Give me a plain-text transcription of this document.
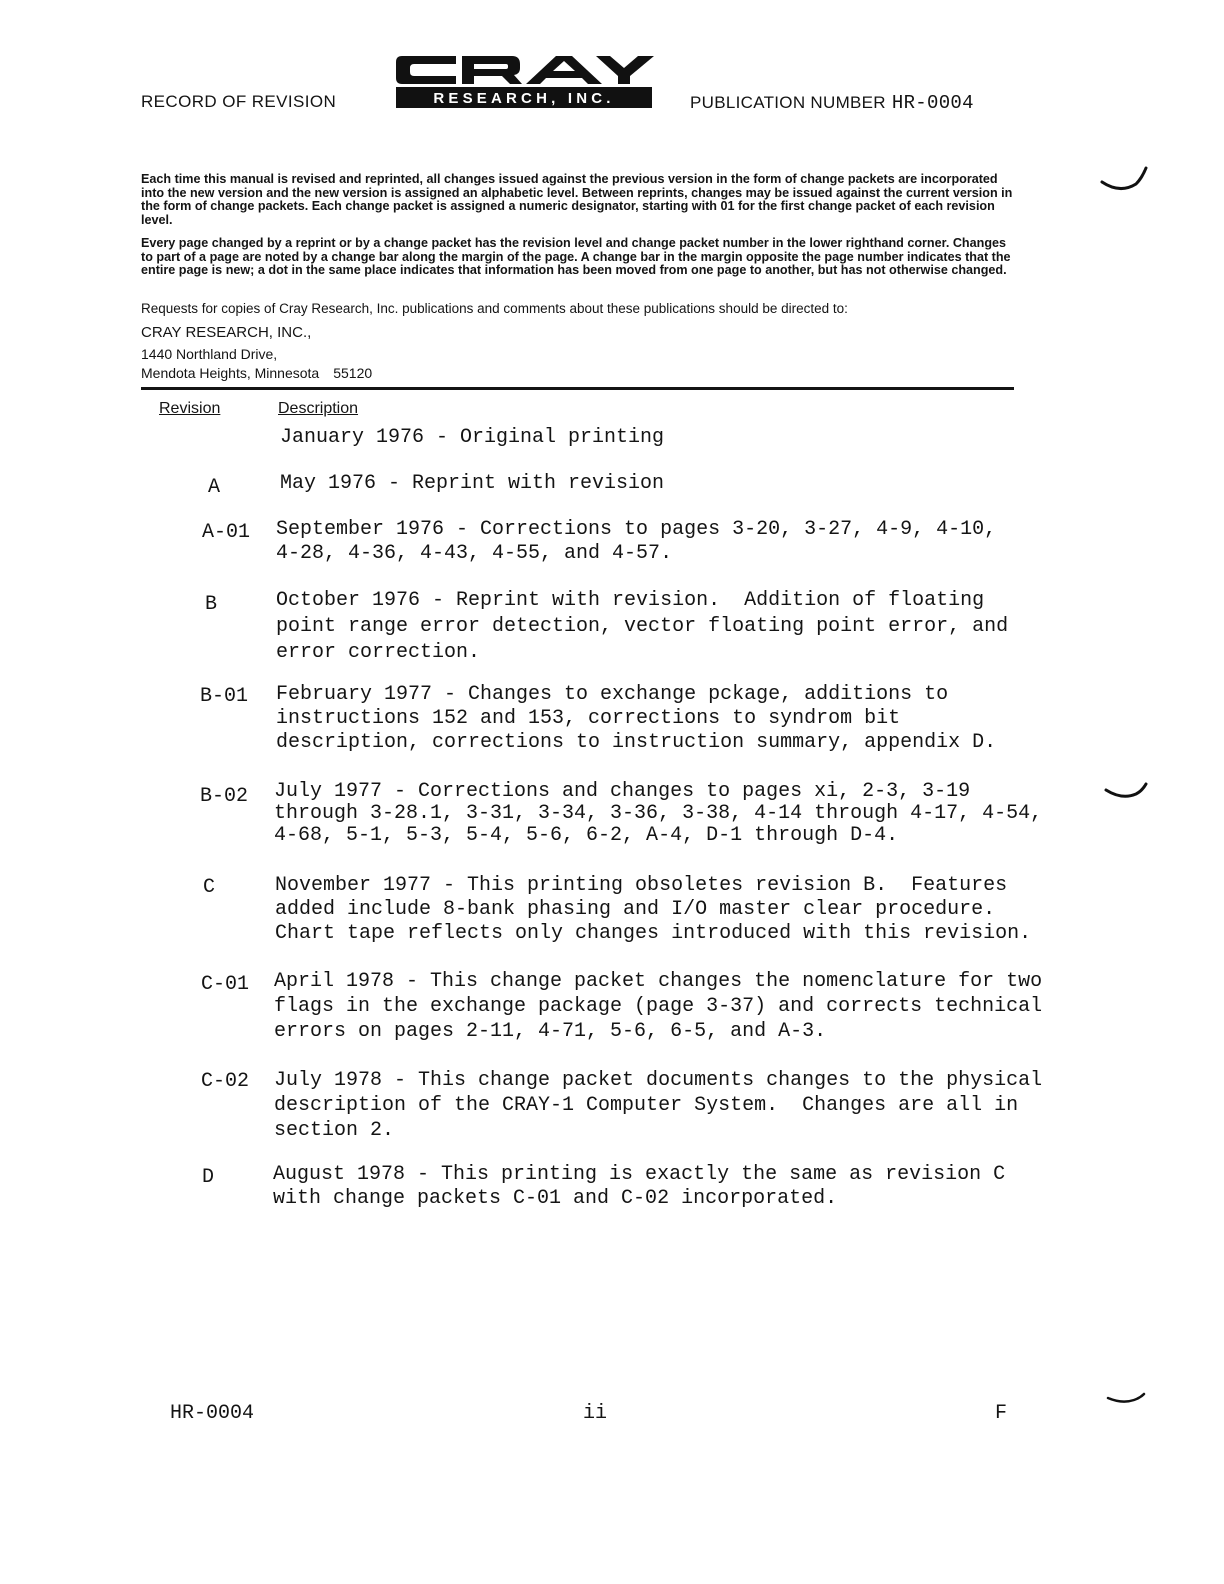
RECORD OF REVISION	RESEARCH, INC.	PUBLICATION NUMBER HR-0004
Each time this manual is revised and reprinted, all changes issued against the previous version in the form of change packets are incorporated into the new version and the new version is assigned an alphabetic level. Between reprints, changes may be issued against the current version in the form of change packets. Each change packet is assigned a numeric designator, starting with 01 for the first change packet of each revision level.
Every page changed by a reprint or by a change packet has the revision level and change packet number in the lower righthand corner. Changes to part of a page are noted by a change bar along the margin of the page. A change bar in the margin opposite the page number indicates that the entire page is new; a dot in the same place indicates that information has been moved from one page to another, but has not otherwise changed.
Requests for copies of Cray Research, Inc. publications and comments about these publications should be directed to:
CRAY RESEARCH, INC.,
1440 Northland Drive,
Mendota Heights, Minnesota 55120
Revision	Description
January 1976 - Original printing
A	May 1976 - Reprint with revision
A-01	September 1976 - Corrections to pages 3-20, 3-27, 4-9, 4-10,
4-28, 4-36, 4-43, 4-55, and 4-57.
B	October 1976 - Reprint with revision.  Addition of floating
point range error detection, vector floating point error, and
error correction.
B-01	February 1977 - Changes to exchange pckage, additions to
instructions 152 and 153, corrections to syndrom bit
description, corrections to instruction summary, appendix D.
B-02	July 1977 - Corrections and changes to pages xi, 2-3, 3-19
through 3-28.1, 3-31, 3-34, 3-36, 3-38, 4-14 through 4-17, 4-54,
4-68, 5-1, 5-3, 5-4, 5-6, 6-2, A-4, D-1 through D-4.
C	November 1977 - This printing obsoletes revision B.  Features
added include 8-bank phasing and I/O master clear procedure.
Chart tape reflects only changes introduced with this revision.
C-01	April 1978 - This change packet changes the nomenclature for two
flags in the exchange package (page 3-37) and corrects technical
errors on pages 2-11, 4-71, 5-6, 6-5, and A-3.
C-02	July 1978 - This change packet documents changes to the physical
description of the CRAY-1 Computer System.  Changes are all in
section 2.
D	August 1978 - This printing is exactly the same as revision C
with change packets C-01 and C-02 incorporated.
HR-0004	ii	F
